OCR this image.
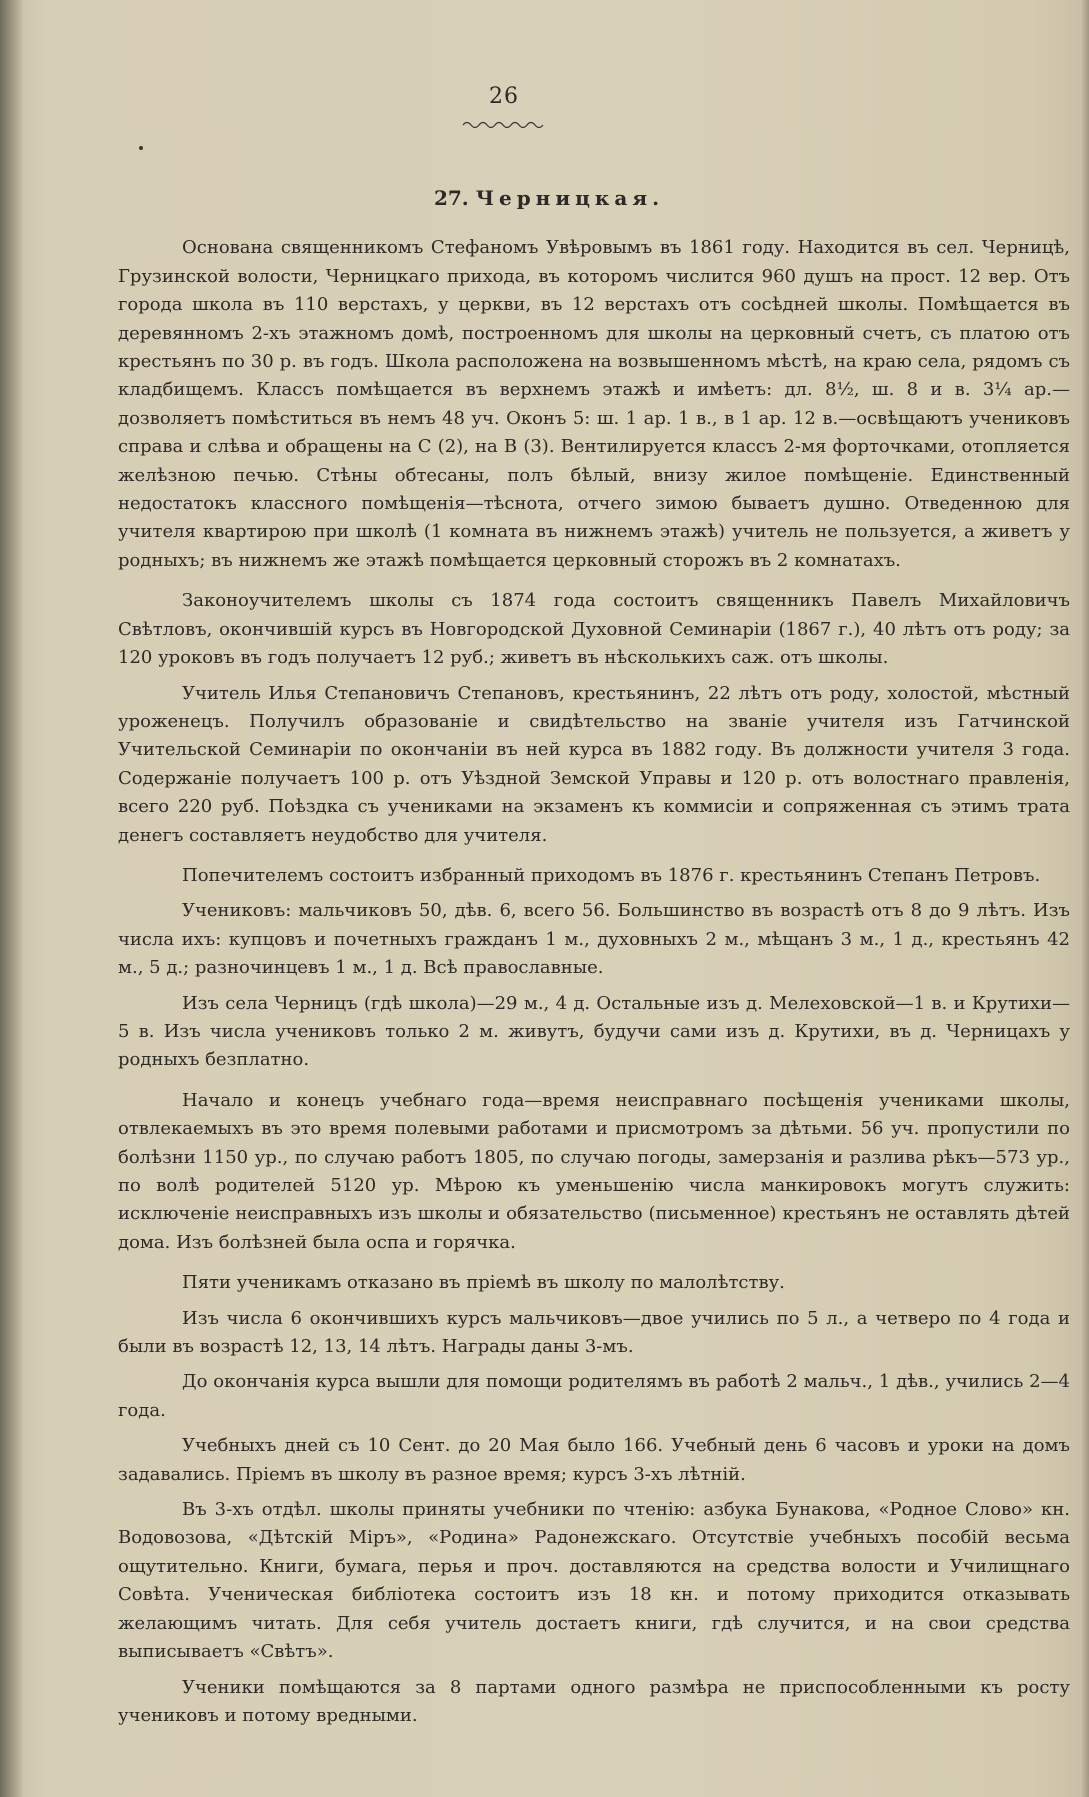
26
27. Черницкая.

Основана священникомъ Стефаномъ Увѣровымъ въ 1861 году. Находится въ сел. Черницѣ, Грузинской волости, Черницкаго прихода, въ которомъ числится 960 душъ на прост. 12 вер. Отъ города школа въ 110 верстахъ, у церкви, въ 12 верстахъ отъ сосѣдней школы. Помѣщается въ деревянномъ 2-хъ этажномъ домѣ, построенномъ для школы на церковный счетъ, съ платою отъ крестьянъ по 30 р. въ годъ. Школа расположена на возвышенномъ мѣстѣ, на краю села, рядомъ съ кладбищемъ. Классъ помѣщается въ верхнемъ этажѣ и имѣетъ: дл. 8½, ш. 8 и в. 3¼ ар.—дозволяетъ помѣститься въ немъ 48 уч. Оконъ 5: ш. 1 ар. 1 в., в 1 ар. 12 в.—освѣщаютъ учениковъ справа и слѣва и обращены на С (2), на В (3). Вентилируется классъ 2-мя форточками, отопляется желѣзною печью. Стѣны обтесаны, полъ бѣлый, внизу жилое помѣщеніе. Единственный недостатокъ классного помѣщенія—тѣснота, отчего зимою бываетъ душно. Отведенною для учителя квартирою при школѣ (1 комната въ нижнемъ этажѣ) учитель не пользуется, а живетъ у родныхъ; въ нижнемъ же этажѣ помѣщается церковный сторожъ въ 2 комнатахъ.

Законоучителемъ школы съ 1874 года состоитъ священникъ Павелъ Михайловичъ Свѣтловъ, окончившій курсъ въ Новгородской Духовной Семинаріи (1867 г.), 40 лѣтъ отъ роду; за 120 уроковъ въ годъ получаетъ 12 руб.; живетъ въ нѣсколькихъ саж. отъ школы.

Учитель Илья Степановичъ Степановъ, крестьянинъ, 22 лѣтъ отъ роду, холостой, мѣстный уроженецъ. Получилъ образованіе и свидѣтельство на званіе учителя изъ Гатчинской Учительской Семинаріи по окончаніи въ ней курса въ 1882 году. Въ должности учителя 3 года. Содержаніе получаетъ 100 р. отъ Уѣздной Земской Управы и 120 р. отъ волостнаго правленія, всего 220 руб. Поѣздка съ учениками на экзаменъ къ коммисіи и сопряженная съ этимъ трата денегъ составляетъ неудобство для учителя.

Попечителемъ состоитъ избранный приходомъ въ 1876 г. крестьянинъ Степанъ Петровъ.

Учениковъ: мальчиковъ 50, дѣв. 6, всего 56. Большинство въ возрастѣ отъ 8 до 9 лѣтъ. Изъ числа ихъ: купцовъ и почетныхъ гражданъ 1 м., духовныхъ 2 м., мѣщанъ 3 м., 1 д., крестьянъ 42 м., 5 д.; разночинцевъ 1 м., 1 д. Всѣ православные.

Изъ села Черницъ (гдѣ школа)—29 м., 4 д. Остальные изъ д. Мелеховской—1 в. и Крутихи—5 в. Изъ числа учениковъ только 2 м. живутъ, будучи сами изъ д. Крутихи, въ д. Черницахъ у родныхъ безплатно.

Начало и конецъ учебнаго года—время неисправнаго посѣщенія учениками школы, отвлекаемыхъ въ это время полевыми работами и присмотромъ за дѣтьми. 56 уч. пропустили по болѣзни 1150 ур., по случаю работъ 1805, по случаю погоды, замерзанія и разлива рѣкъ—573 ур., по волѣ родителей 5120 ур. Мѣрою къ уменьшенію числа манкировокъ могутъ служить: исключеніе неисправныхъ изъ школы и обязательство (письменное) крестьянъ не оставлять дѣтей дома. Изъ болѣзней была оспа и горячка.

Пяти ученикамъ отказано въ пріемѣ въ школу по малолѣтству.

Изъ числа 6 окончившихъ курсъ мальчиковъ—двое учились по 5 л., а четверо по 4 года и были въ возрастѣ 12, 13, 14 лѣтъ. Награды даны 3-мъ.

До окончанія курса вышли для помощи родителямъ въ работѣ 2 мальч., 1 дѣв., учились 2—4 года.

Учебныхъ дней съ 10 Сент. до 20 Мая было 166. Учебный день 6 часовъ и уроки на домъ задавались. Пріемъ въ школу въ разное время; курсъ 3-хъ лѣтній.

Въ 3-хъ отдѣл. школы приняты учебники по чтенію: азбука Бунакова, «Родное Слово» кн. Водовозова, «Дѣтскій Міръ», «Родина» Радонежскаго. Отсутствіе учебныхъ пособій весьма ощутительно. Книги, бумага, перья и проч. доставляются на средства волости и Училищнаго Совѣта. Ученическая библіотека состоитъ изъ 18 кн. и потому приходится отказывать желающимъ читать. Для себя учитель достаетъ книги, гдѣ случится, и на свои средства выписываетъ «Свѣтъ».

Ученики помѣщаются за 8 партами одного размѣра не приспособленными къ росту учениковъ и потому вредными.
